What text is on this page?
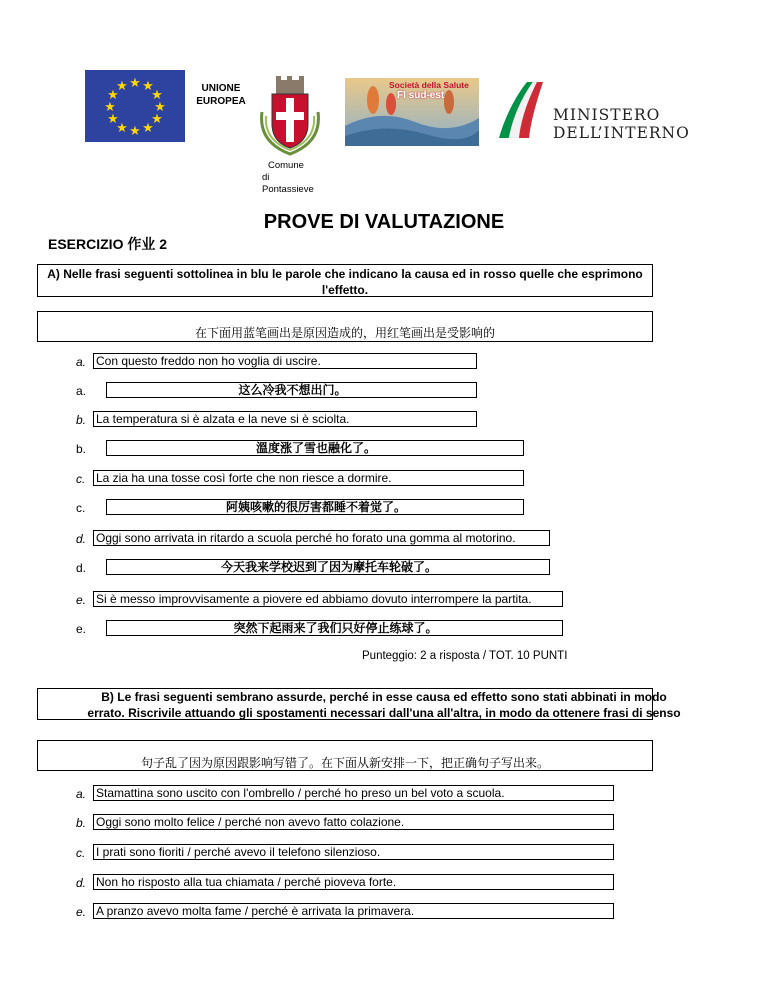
★ ★
★
★
★
★
★
★
★
★
★
★	UNIONE
EUROPEA
Comune
di
Pontassieve
Società della Salute
FI sud-est
MINISTERO
DELL’INTERNO
PROVE DI VALUTAZIONE
ESERCIZIO 作业 2
A) Nelle frasi seguenti sottolinea in blu le parole che indicano la causa ed in rosso quelle che esprimono l'effetto.
在下面用蓝笔画出是原因造成的，用红笔画出是受影响的
a. Con questo freddo non ho voglia di uscire.
a.	这么冷我不想出门。
b. La temperatura si è alzata e la neve si è sciolta.
b.	溫度涨了雪也融化了。
c. La zia ha una tosse così forte che non riesce a dormire.
c.	阿姨咳嗽的很厉害都睡不着觉了。
d. Oggi sono arrivata in ritardo a scuola perché ho forato una gomma al motorino.
d.	今天我来学校迟到了因为摩托车轮破了。
e. Si è messo improvvisamente a piovere ed abbiamo dovuto interrompere la partita.
e.	突然下起雨来了我们只好停止练球了。
Punteggio: 2 a risposta / TOT. 10 PUNTI
B) Le frasi seguenti sembrano assurde, perché in esse causa ed effetto sono stati abbinati in modo
errato. Riscrivile attuando gli spostamenti necessari dall'una all'altra, in modo da ottenere frasi di senso
句子乱了因为原因跟影响写错了。在下面从新安排一下，把正确句子写出来。
a. Stamattina sono uscito con l'ombrello / perché ho preso un bel voto a scuola.
b. Oggi sono molto felice / perché non avevo fatto colazione.
c. I prati sono fioriti / perché avevo il telefono silenzioso.
d. Non ho risposto alla tua chiamata / perché pioveva forte.
e. A pranzo avevo molta fame / perché è arrivata la primavera.
